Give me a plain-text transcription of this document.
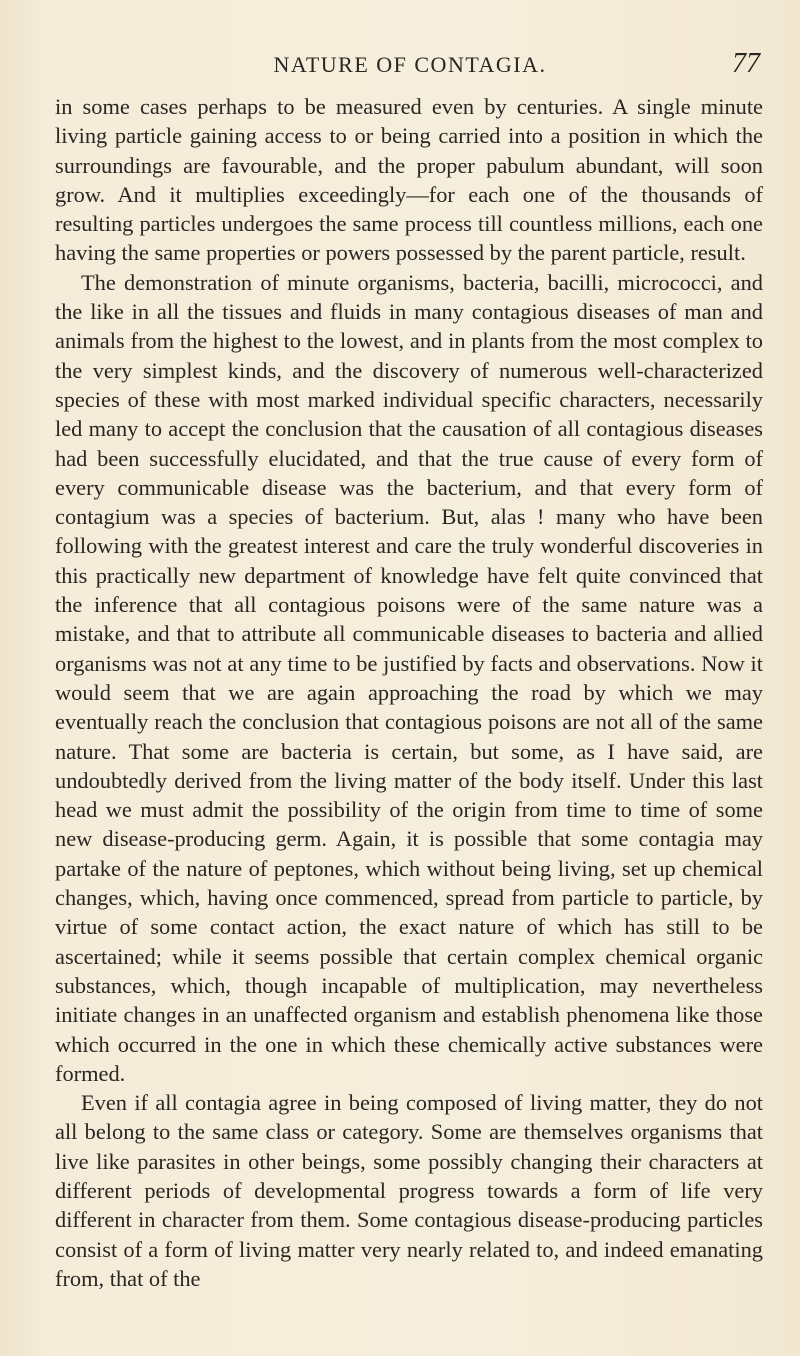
NATURE OF CONTAGIA.	77

in some cases perhaps to be measured even by centuries. A single minute living particle gaining access to or being carried into a position in which the surroundings are favourable, and the proper pabulum abundant, will soon grow. And it multiplies exceedingly—for each one of the thousands of resulting particles undergoes the same process till countless millions, each one having the same properties or powers possessed by the parent particle, result.

The demonstration of minute organisms, bacteria, bacilli, micrococci, and the like in all the tissues and fluids in many contagious diseases of man and animals from the highest to the lowest, and in plants from the most complex to the very simplest kinds, and the discovery of numerous well-characterized species of these with most marked individual specific characters, necessarily led many to accept the conclusion that the causation of all contagious diseases had been successfully elucidated, and that the true cause of every form of every communicable disease was the bacterium, and that every form of contagium was a species of bacterium. But, alas ! many who have been following with the greatest interest and care the truly wonderful discoveries in this practically new department of knowledge have felt quite convinced that the inference that all contagious poisons were of the same nature was a mistake, and that to attribute all communicable diseases to bacteria and allied organisms was not at any time to be justified by facts and observations. Now it would seem that we are again approaching the road by which we may eventually reach the conclusion that contagious poisons are not all of the same nature. That some are bacteria is certain, but some, as I have said, are undoubtedly derived from the living matter of the body itself. Under this last head we must admit the possibility of the origin from time to time of some new disease-producing germ. Again, it is possible that some contagia may partake of the nature of peptones, which without being living, set up chemical changes, which, having once commenced, spread from particle to particle, by virtue of some contact action, the exact nature of which has still to be ascertained; while it seems possible that certain complex chemical organic substances, which, though incapable of multiplication, may nevertheless initiate changes in an unaffected organism and establish phenomena like those which occurred in the one in which these chemically active substances were formed.

Even if all contagia agree in being composed of living matter, they do not all belong to the same class or category. Some are themselves organisms that live like parasites in other beings, some possibly changing their characters at different periods of developmental progress towards a form of life very different in character from them. Some contagious disease-producing particles consist of a form of living matter very nearly related to, and indeed emanating from, that of the
